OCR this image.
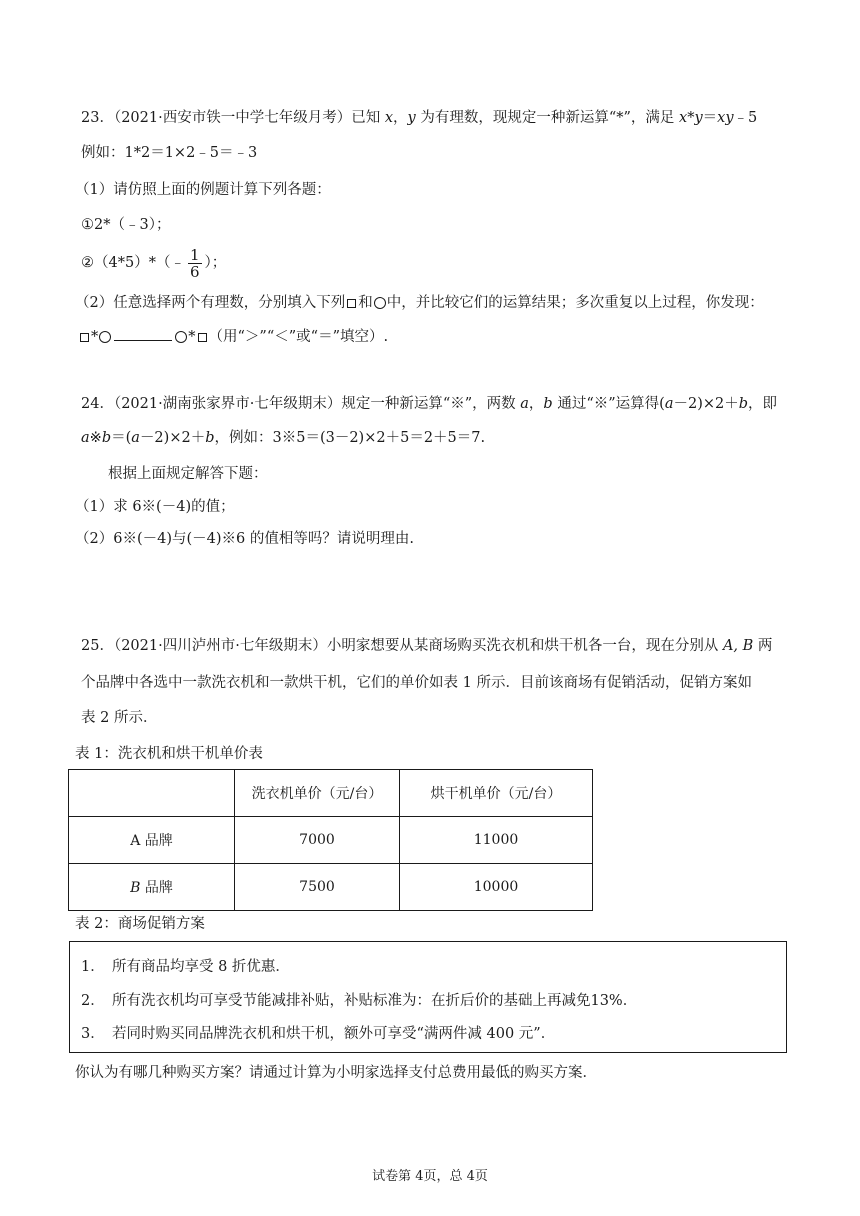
23．（2021·西安市铁一中学七年级月考）已知 x，y 为有理数，现规定一种新运算“*”，满足 x*y＝xy﹣5
例如：1*2＝1×2﹣5＝﹣3
（1）请仿照上面的例题计算下列各题：
①2*（﹣3）；
②（4*5）*（﹣ $\frac{1}{6}$ ）；
（2）任意选择两个有理数，分别填入下列 和 中，并比较它们的运算结果；多次重复以上过程，你发现：
*	* （用“＞”“＜”或“＝”填空）.
24．（2021·湖南张家界市·七年级期末）规定一种新运算“※”，两数 a，b 通过“※”运算得(a－2)×2＋b，即
a※b＝(a－2)×2＋b，例如：3※5＝(3－2)×2＋5＝2＋5＝7.
根据上面规定解答下题：
（1）求 6※(－4)的值；
（2）6※(－4)与(－4)※6 的值相等吗？请说明理由.
25．（2021·四川泸州市·七年级期末）小明家想要从某商场购买洗衣机和烘干机各一台，现在分别从 A, B 两
个品牌中各选中一款洗衣机和一款烘干机，它们的单价如表 1 所示．目前该商场有促销活动，促销方案如
表 2 所示．
表 1：洗衣机和烘干机单价表
	洗衣机单价（元/台）	烘干机单价（元/台）
A 品牌	7000	11000
B 品牌	7500	10000
表 2：商场促销方案
1．　所有商品均享受 8 折优惠．
2．　所有洗衣机均可享受节能减排补贴，补贴标准为：在折后价的基础上再减免13%．
3．　若同时购买同品牌洗衣机和烘干机，额外可享受“满两件减 400 元”．
你认为有哪几种购买方案？请通过计算为小明家选择支付总费用最低的购买方案．
试卷第 4页，总 4页
